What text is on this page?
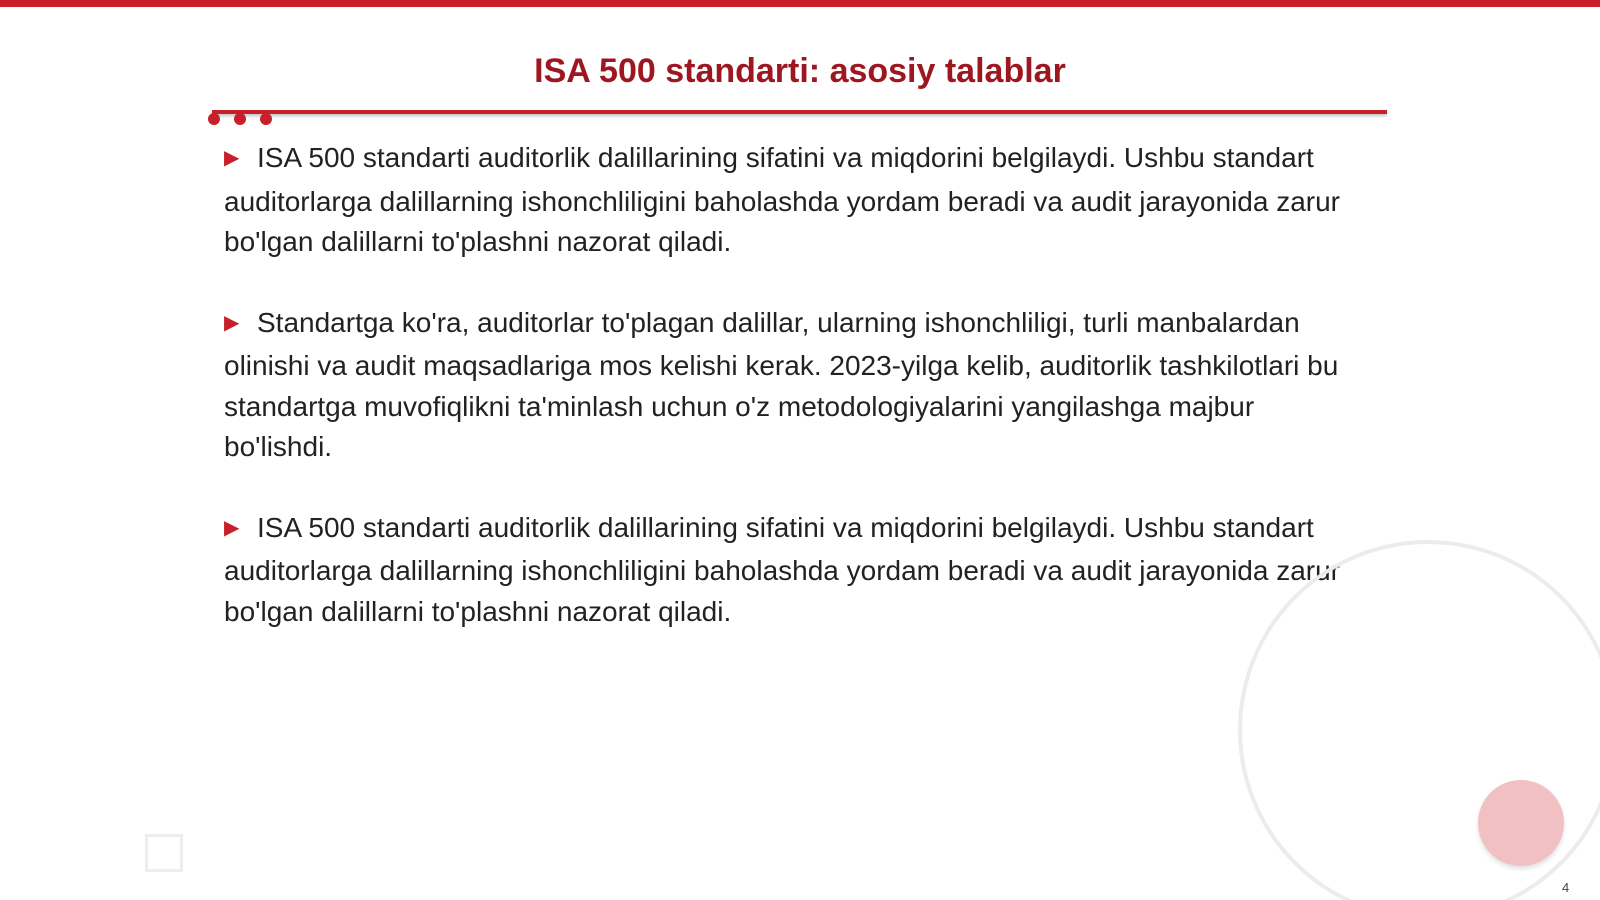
ISA 500 standarti: asosiy talablar

▶ ISA 500 standarti auditorlik dalillarining sifatini va miqdorini belgilaydi. Ushbu standart auditorlarga dalillarning ishonchliligini baholashda yordam beradi va audit jarayonida zarur bo'lgan dalillarni to'plashni nazorat qiladi.

▶ Standartga ko'ra, auditorlar to'plagan dalillar, ularning ishonchliligi, turli manbalardan olinishi va audit maqsadlariga mos kelishi kerak. 2023-yilga kelib, auditorlik tashkilotlari bu standartga muvofiqlikni ta'minlash uchun o'z metodologiyalarini yangilashga majbur bo'lishdi.

▶ ISA 500 standarti auditorlik dalillarining sifatini va miqdorini belgilaydi. Ushbu standart auditorlarga dalillarning ishonchliligini baholashda yordam beradi va audit jarayonida zarur bo'lgan dalillarni to'plashni nazorat qiladi.

4
